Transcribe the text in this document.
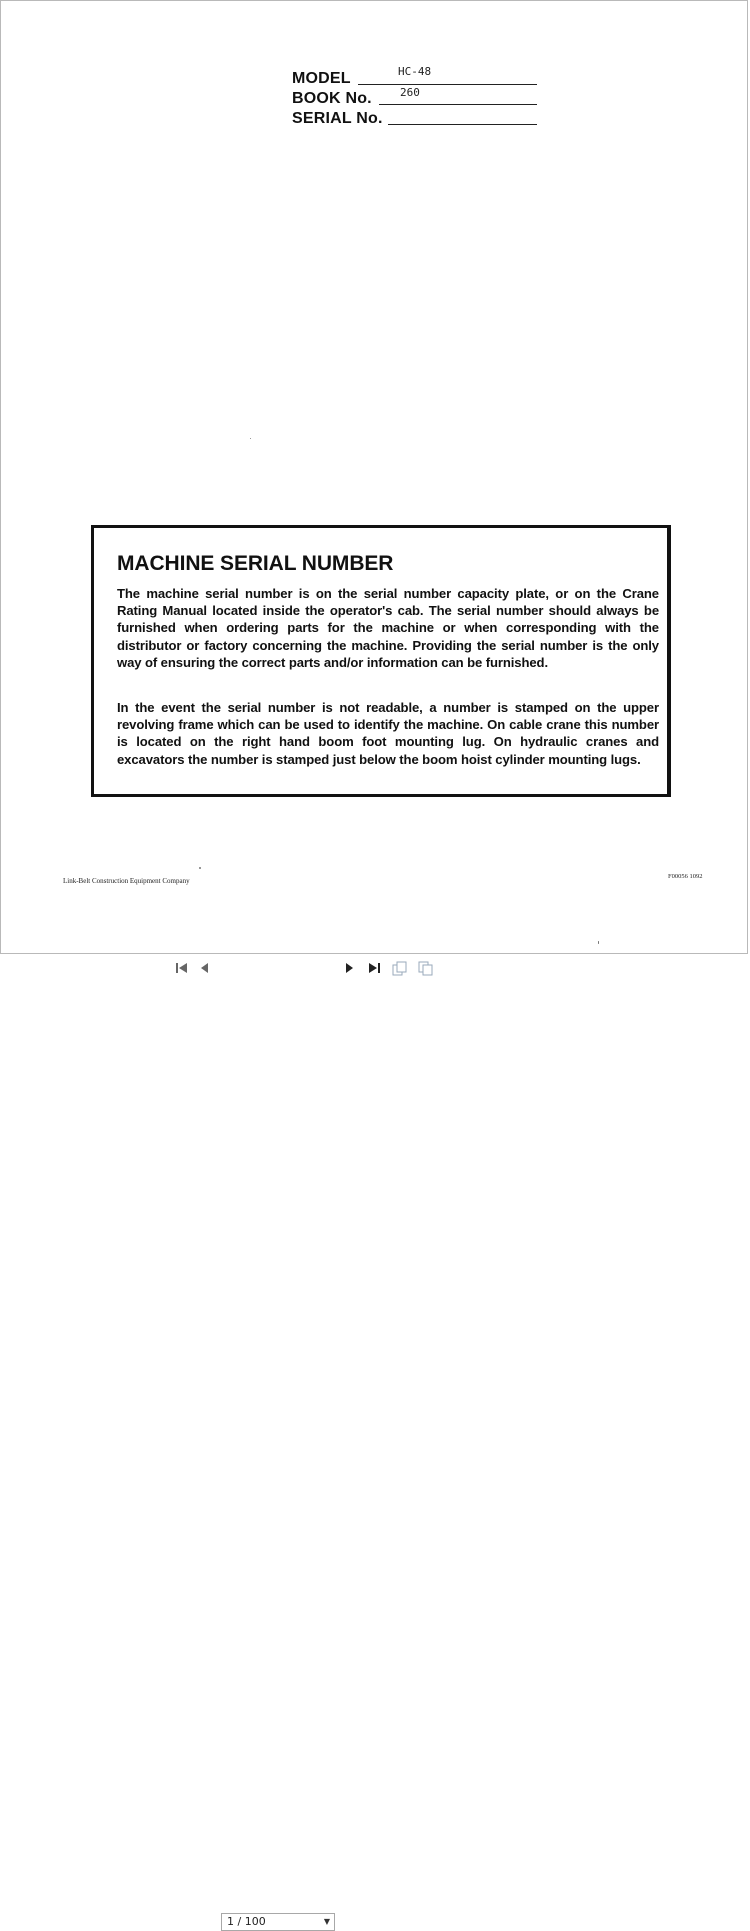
MODEL	HC-48
BOOK No.	260
SERIAL No.
MACHINE SERIAL NUMBER
The machine serial number is on the serial number capacity plate, or on the Crane Rating Manual located inside the operator's cab. The serial number should always be furnished when ordering parts for the machine or when corresponding with the distributor or factory concerning the machine. Providing the serial number is the only way of ensuring the correct parts and/or information can be furnished.
In the event the serial number is not readable, a number is stamped on the upper revolving frame which can be used to identify the machine. On cable crane this number is located on the right hand boom foot mounting lug. On hydraulic cranes and excavators the number is stamped just below the boom hoist cylinder mounting lugs.
Link-Belt Construction Equipment Company
F00056 1092
1 / 100	▼
